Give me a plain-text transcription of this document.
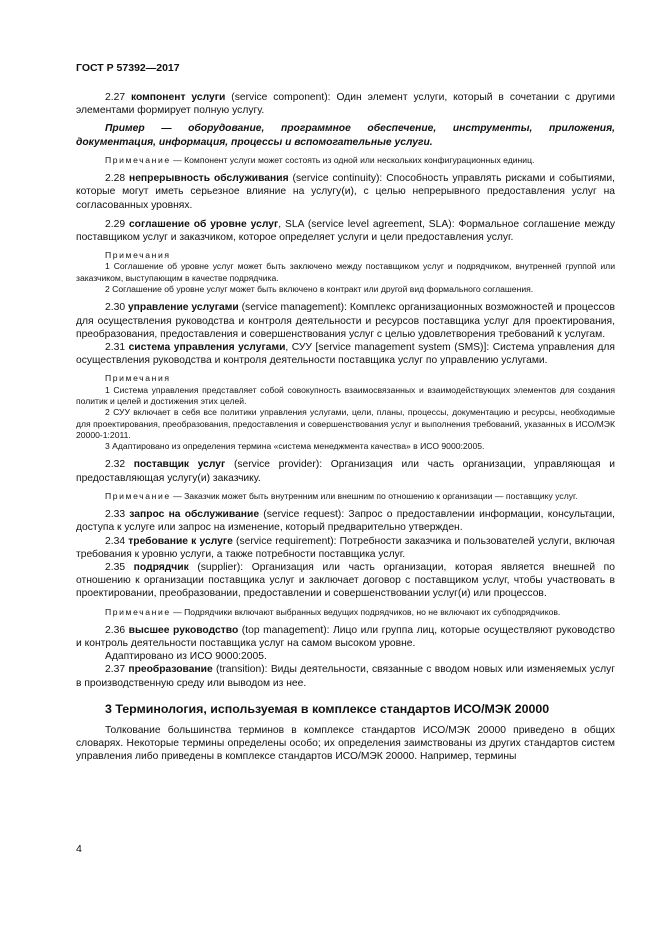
ГОСТ Р 57392—2017

2.27 компонент услуги (service component): Один элемент услуги, который в сочетании с другими элементами формирует полную услугу.

Пример — оборудование, программное обеспечение, инструменты, приложения, документация, информация, процессы и вспомогательные услуги.

Примечание — Компонент услуги может состоять из одной или нескольких конфигурационных единиц.

2.28 непрерывность обслуживания (service continuity): Способность управлять рисками и событиями, которые могут иметь серьезное влияние на услугу(и), с целью непрерывного предоставления услуг на согласованных уровнях.

2.29 соглашение об уровне услуг, SLA (service level agreement, SLA): Формальное соглашение между поставщиком услуг и заказчиком, которое определяет услуги и цели предоставления услуг.

Примечания

1 Соглашение об уровне услуг может быть заключено между поставщиком услуг и подрядчиком, внутренней группой или заказчиком, выступающим в качестве подрядчика.

2 Соглашение об уровне услуг может быть включено в контракт или другой вид формального соглашения.

2.30 управление услугами (service management): Комплекс организационных возможностей и процессов для осуществления руководства и контроля деятельности и ресурсов поставщика услуг для проектирования, преобразования, предоставления и совершенствования услуг с целью удовлетворения требований к услугам.

2.31 система управления услугами, СУУ [service management system (SMS)]: Система управления для осуществления руководства и контроля деятельности поставщика услуг по управлению услугами.

Примечания

1 Система управления представляет собой совокупность взаимосвязанных и взаимодействующих элементов для создания политик и целей и достижения этих целей.

2 СУУ включает в себя все политики управления услугами, цели, планы, процессы, документацию и ресурсы, необходимые для проектирования, преобразования, предоставления и совершенствования услуг и выполнения требований, указанных в ИСО/МЭК 20000-1:2011.

3 Адаптировано из определения термина «система менеджмента качества» в ИСО 9000:2005.

2.32 поставщик услуг (service provider): Организация или часть организации, управляющая и предоставляющая услугу(и) заказчику.

Примечание — Заказчик может быть внутренним или внешним по отношению к организации — поставщику услуг.

2.33 запрос на обслуживание (service request): Запрос о предоставлении информации, консультации, доступа к услуге или запрос на изменение, который предварительно утвержден.

2.34 требование к услуге (service requirement): Потребности заказчика и пользователей услуги, включая требования к уровню услуги, а также потребности поставщика услуг.

2.35 подрядчик (supplier): Организация или часть организации, которая является внешней по отношению к организации поставщика услуг и заключает договор с поставщиком услуг, чтобы участвовать в проектировании, преобразовании, предоставлении и совершенствовании услуг(и) или процессов.

Примечание — Подрядчики включают выбранных ведущих подрядчиков, но не включают их субподрядчиков.

2.36 высшее руководство (top management): Лицо или группа лиц, которые осуществляют руководство и контроль деятельности поставщика услуг на самом высоком уровне.

Адаптировано из ИСО 9000:2005.

2.37 преобразование (transition): Виды деятельности, связанные с вводом новых или изменяемых услуг в производственную среду или выводом из нее.

3 Терминология, используемая в комплексе стандартов ИСО/МЭК 20000

Толкование большинства терминов в комплексе стандартов ИСО/МЭК 20000 приведено в общих словарях. Некоторые термины определены особо; их определения заимствованы из других стандартов систем управления либо приведены в комплексе стандартов ИСО/МЭК 20000. Например, термины

4
